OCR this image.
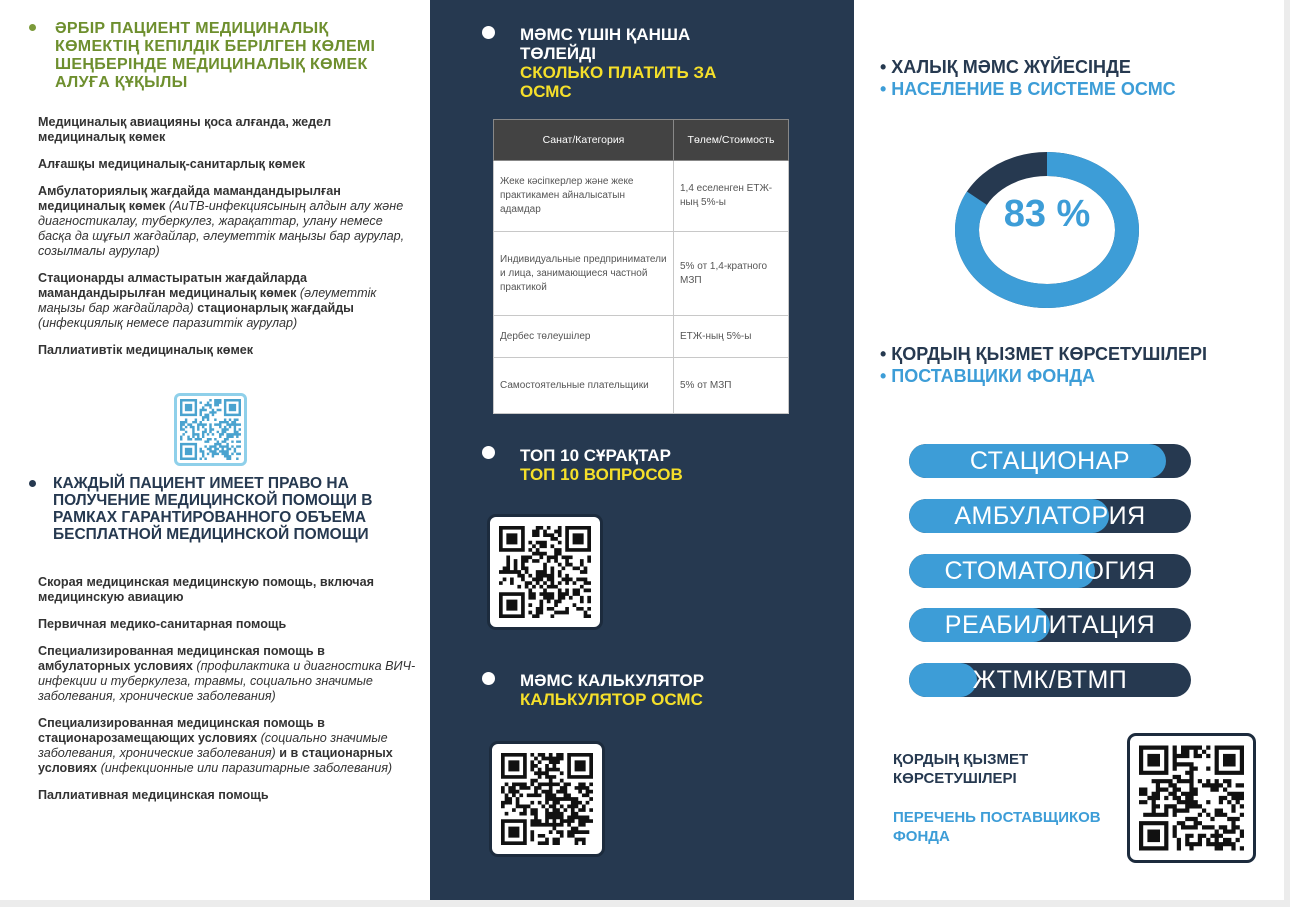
ӘРБІР ПАЦИЕНТ МЕДИЦИНАЛЫҚ КӨМЕКТІҢ КЕПІЛДІК БЕРІЛГЕН КӨЛЕМІ ШЕҢБЕРІНДЕ МЕДИЦИНАЛЫҚ КӨМЕК АЛУҒА ҚҰҚЫЛЫ

Медициналық авиацияны қоса алғанда, жедел медициналық көмек

Алғашқы медициналық-санитарлық көмек

Амбулаториялық жағдайда мамандандырылған медициналық көмек (АиТВ-инфекциясының алдын алу және диагностикалау, туберкулез, жарақаттар, улану немесе басқа да шұғыл жағдайлар, әлеуметтік маңызы бар аурулар, созылмалы аурулар)

Стационарды алмастыратын жағдайларда мамандандырылған медициналық көмек (әлеуметтік маңызы бар жағдайларда) стационарлық жағдайды (инфекциялық немесе паразиттік аурулар)

Паллиативтік медициналық көмек

КАЖДЫЙ ПАЦИЕНТ ИМЕЕТ ПРАВО НА ПОЛУЧЕНИЕ МЕДИЦИНСКОЙ ПОМОЩИ В РАМКАХ ГАРАНТИРОВАННОГО ОБЪЕМА БЕСПЛАТНОЙ МЕДИЦИНСКОЙ ПОМОЩИ

Скорая медицинская медицинскую помощь, включая медицинскую авиацию

Первичная медико-санитарная помощь

Специализированная медицинская помощь в амбулаторных условиях (профилактика и диагностика ВИЧ- инфекции и туберкулеза, травмы, социально значимые заболевания, хронические заболевания)

Специализированная медицинская помощь в стационарозамещающих условиях (социально значимые заболевания, хронические заболевания) и в стационарных условиях (инфекционные или паразитарные заболевания)

Паллиативная медицинская помощь

МӘМС ҮШІН ҚАНША ТӨЛЕЙДІ
СКОЛЬКО ПЛАТИТЬ ЗА ОСМС
Санат/Категория	Төлем/Стоимость
Жеке кәсіпкерлер және жеке практикамен айналысатын адамдар	1,4 еселенген ЕТЖ-ның 5%-ы
Индивидуальные предприниматели и лица, занимающиеся частной практикой	5% от 1,4-кратного МЗП
Дербес төлеушілер	ЕТЖ-ның 5%-ы
Самостоятельные плательщики	5% от МЗП
ТОП 10 СҰРАҚТАР
ТОП 10 ВОПРОСОВ
МӘМС КАЛЬКУЛЯТОР
КАЛЬКУЛЯТОР ОСМС
• ХАЛЫҚ МӘМС ЖҮЙЕСІНДЕ
• НАСЕЛЕНИЕ В СИСТЕМЕ ОСМС
83 %
• ҚОРДЫҢ ҚЫЗМЕТ КӨРСЕТУШІЛЕРІ
• ПОСТАВЩИКИ ФОНДА
СТАЦИОНАР
АМБУЛАТОРИЯ
СТОМАТОЛОГИЯ
РЕАБИЛИТАЦИЯ
ЖТМК/ВТМП
ҚОРДЫҢ ҚЫЗМЕТ КӨРСЕТУШІЛЕРІ
ПЕРЕЧЕНЬ ПОСТАВЩИКОВ ФОНДА
